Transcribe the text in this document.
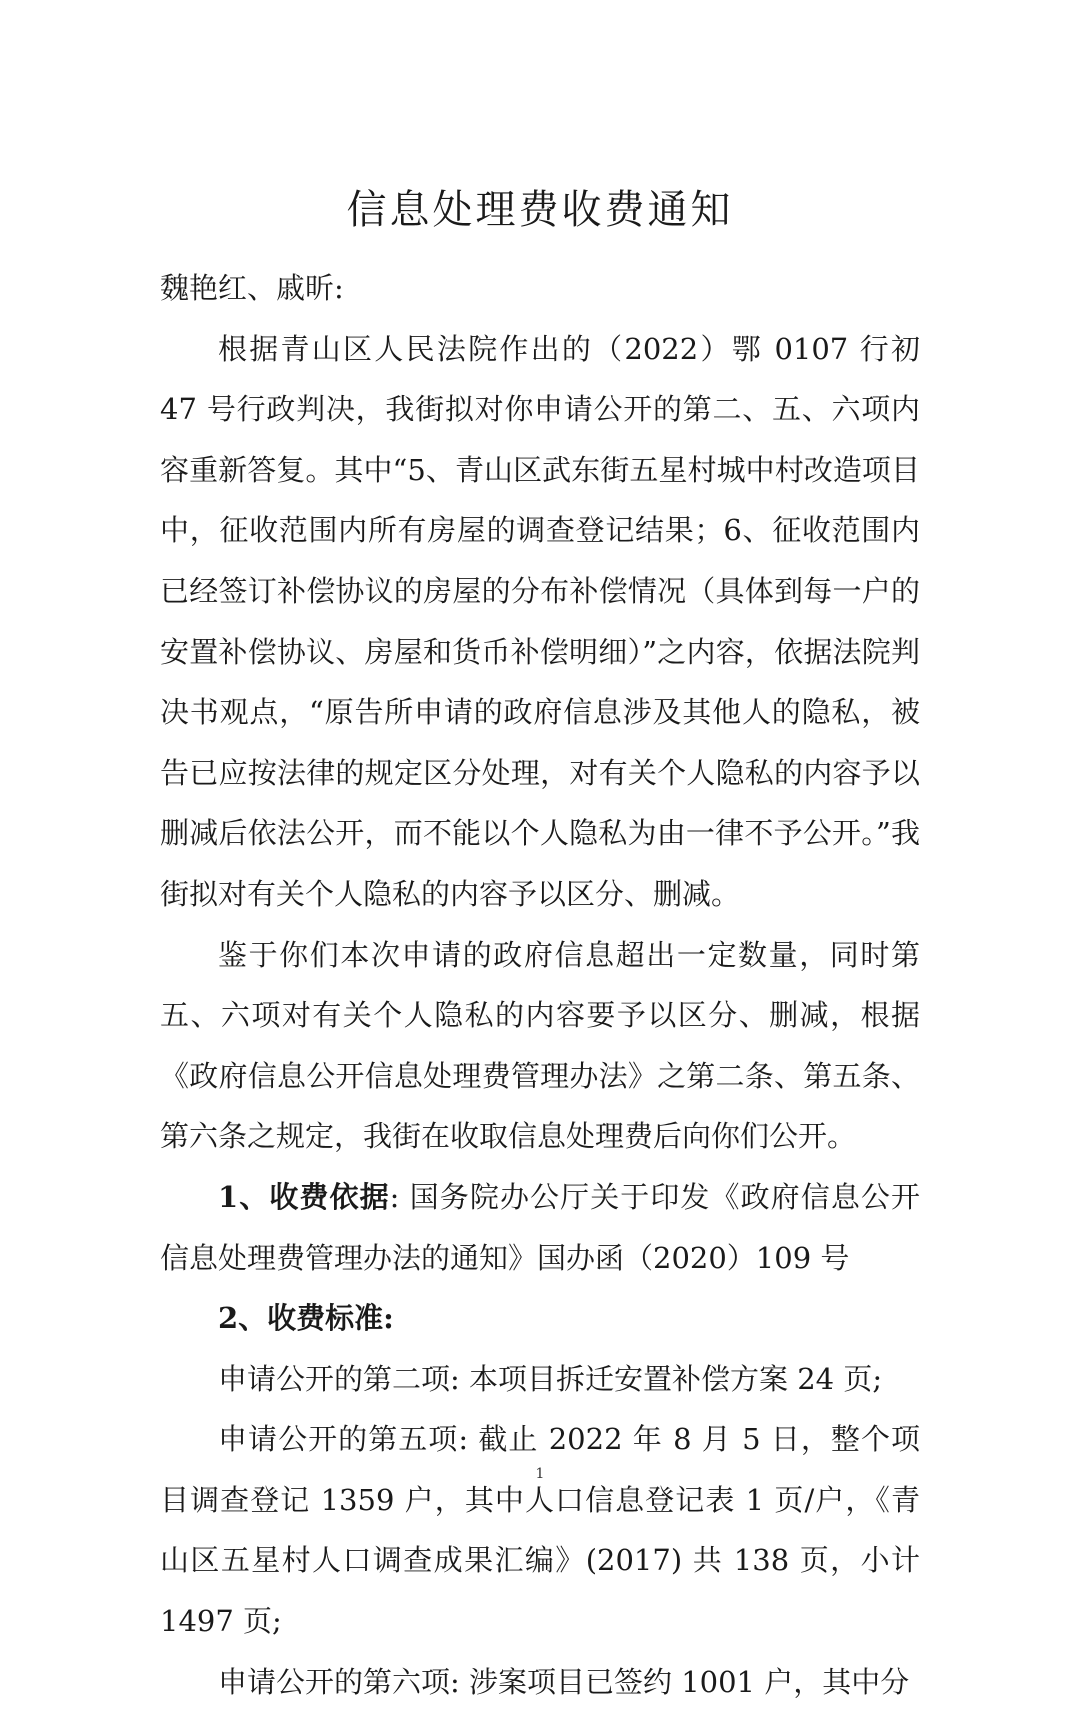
信息处理费收费通知

魏艳红、戚昕:

根据青山区人民法院作出的（2022）鄂 0107 行初 47 号行政判决，我街拟对你申请公开的第二、五、六项内容重新答复。其中“5、青山区武东街五星村城中村改造项目中，征收范围内所有房屋的调查登记结果；6、征收范围内已经签订补偿协议的房屋的分布补偿情况（具体到每一户的安置补偿协议、房屋和货币补偿明细）”之内容，依据法院判决书观点，“原告所申请的政府信息涉及其他人的隐私，被告已应按法律的规定区分处理，对有关个人隐私的内容予以删减后依法公开，而不能以个人隐私为由一律不予公开。”我街拟对有关个人隐私的内容予以区分、删减。

鉴于你们本次申请的政府信息超出一定数量，同时第五、六项对有关个人隐私的内容要予以区分、删减，根据《政府信息公开信息处理费管理办法》之第二条、第五条、第六条之规定，我街在收取信息处理费后向你们公开。

1、收费依据: 国务院办公厅关于印发《政府信息公开信息处理费管理办法的通知》国办函（2020）109 号

2、收费标准:

申请公开的第二项: 本项目拆迁安置补偿方案 24 页;

申请公开的第五项: 截止 2022 年 8 月 5 日，整个项目调查登记 1359 户，其中人口信息登记表 1 页/户，《青山区五星村人口调查成果汇编》(2017) 共 138 页，小计 1497 页;

申请公开的第六项: 涉案项目已签约 1001 户，其中分

1
